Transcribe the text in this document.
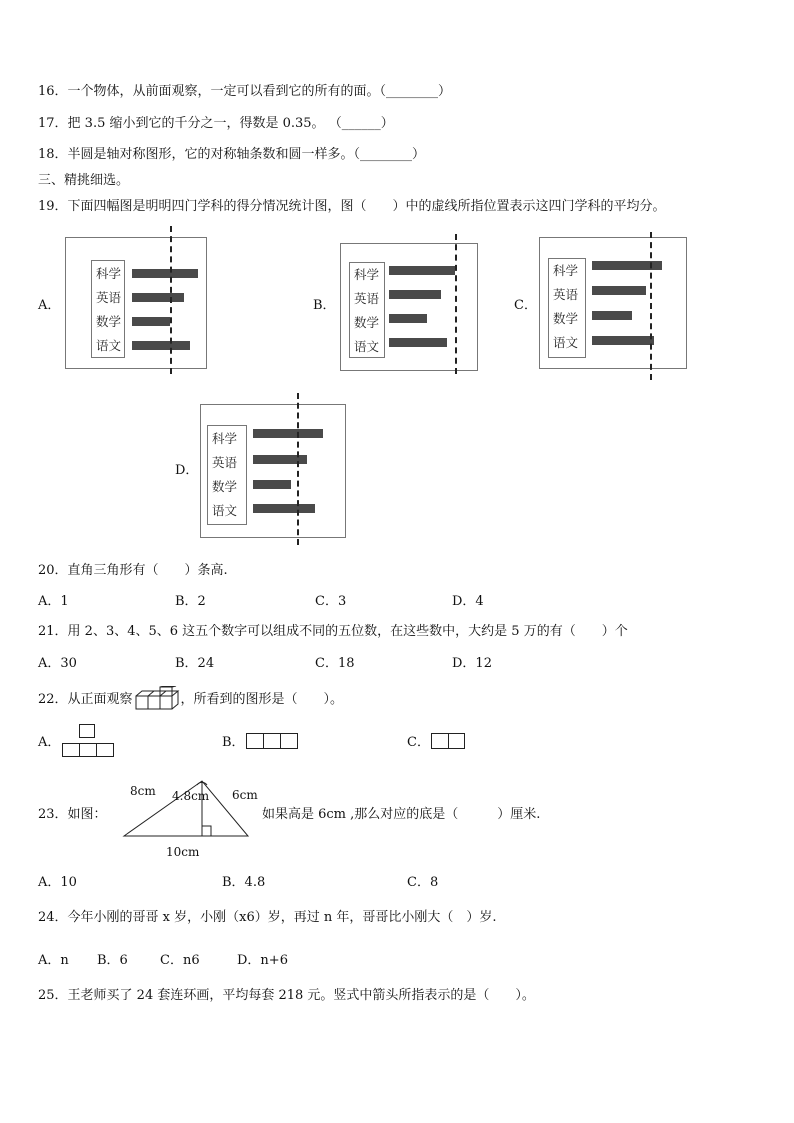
16．一个物体，从前面观察，一定可以看到它的所有的面。（________）
17．把 3.5 缩小到它的千分之一，得数是 0.35。 （______）
18．半圆是轴对称图形，它的对称轴条数和圆一样多。（________）
三、精挑细选。
19．下面四幅图是明明四门学科的得分情况统计图，图（　　）中的虚线所指位置表示这四门学科的平均分。
A．	B．	C．
D．
科学
英语
数学
语文
科学
英语
数学
语文
科学
英语
数学
语文
科学
英语
数学
语文
20．直角三角形有（　　）条高.
A．1	B．2	C．3	D．4
21．用 2、3、4、5、6 这五个数字可以组成不同的五位数，在这些数中，大约是 5 万的有（　　）个
A．30	B．24	C．18	D．12
22．从正面观察	，所看到的图形是（　　）。
A．	B．	C．
23．如图：
8cm 4.8cm 6cm
10cm
如果高是 6cm ,那么对应的底是（　　　）厘米.
A．10	B．4.8	C．8
24．今年小刚的哥哥 x 岁，小刚（x6）岁，再过 n 年，哥哥比小刚大（　）岁.
A．n B．6 C．n6	D．n+6
25．王老师买了 24 套连环画，平均每套 218 元。竖式中箭头所指表示的是（　　）。
